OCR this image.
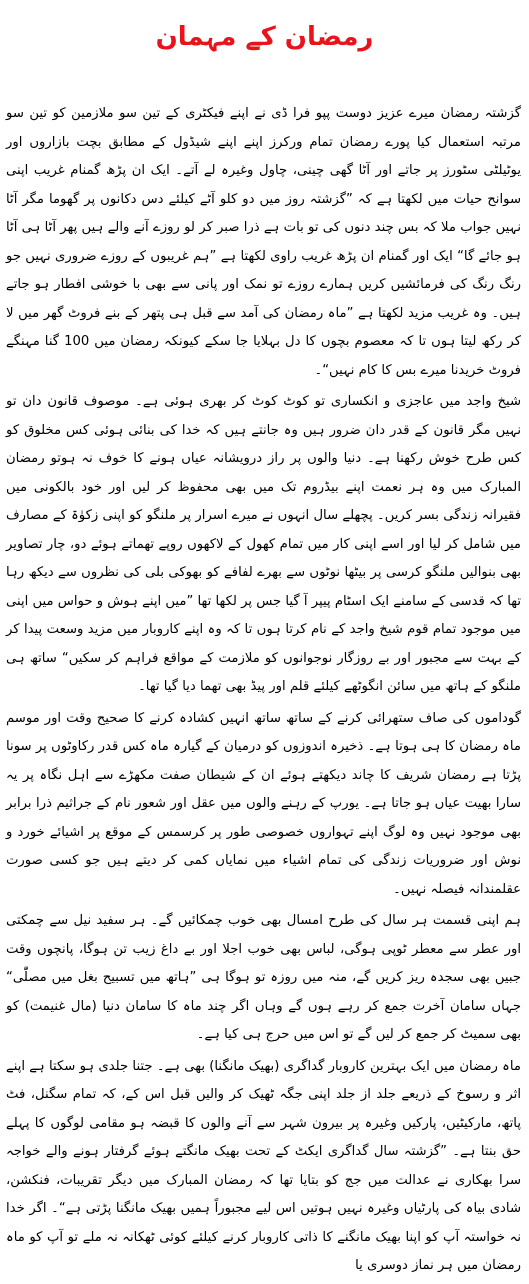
رمضان کے مہمان

گزشتہ رمضان میرے عزیز دوست پپو فرا ڈی نے اپنے فیکٹری کے تین سو ملازمین کو تین سو مرتبہ استعمال کیا پورے رمضان تمام ورکرز اپنے اپنے شیڈول کے مطابق بچت بازاروں اور یوٹیلٹی سٹورز پر جاتے اور آٹا گھی چینی، چاول وغیرہ لے آتے۔ ایک ان پڑھ گمنام غریب اپنی سوانح حیات میں لکھتا ہے کہ ”گزشتہ روز میں دو کلو آٹے کیلئے دس دکانوں پر گھوما مگر آٹا نہیں جواب ملا کہ بس چند دنوں کی تو بات ہے ذرا صبر کر لو روزے آنے والے ہیں پھر آٹا ہی آٹا ہو جائے گا“ ایک اور گمنام ان پڑھ غریب راوی لکھتا ہے ”ہم غریبوں کے روزے ضروری نہیں جو رنگ رنگ کی فرمائشیں کریں ہمارے روزے تو نمک اور پانی سے بھی با خوشی افطار ہو جاتے ہیں۔ وہ غریب مزید لکھتا ہے ”ماہ رمضان کی آمد سے قبل ہی پتھر کے بنے فروٹ گھر میں لا کر رکھ لیتا ہوں تا کہ معصوم بچوں کا دل بہلایا جا سکے کیونکہ رمضان میں 100 گنا مہنگے فروٹ خریدنا میرے بس کا کام نہیں“۔

شیخ واجد میں عاجزی و انکساری تو کوٹ کوٹ کر بھری ہوئی ہے۔ موصوف قانون دان تو نہیں مگر قانون کے قدر دان ضرور ہیں وہ جانتے ہیں کہ خدا کی بنائی ہوئی کس مخلوق کو کس طرح خوش رکھنا ہے۔ دنیا والوں پر راز درویشانہ عیاں ہونے کا خوف نہ ہوتو رمضان المبارک میں وہ ہر نعمت اپنے بیڈروم تک میں بھی محفوظ کر لیں اور خود بالکونی میں فقیرانہ زندگی بسر کریں۔ پچھلے سال انہوں نے میرے اسرار پر ملنگو کو اپنی زکوٰۃ کے مصارف میں شامل کر لیا اور اسے اپنی کار میں تمام کھول کے لاکھوں روپے تھماتے ہوئے دو، چار تصاویر بھی بنوالیں ملنگو کرسی پر بیٹھا نوٹوں سے بھرے لفافے کو بھوکی بلی کی نظروں سے دیکھ رہا تھا کہ قدسی کے سامنے ایک اسٹام پیپر آ گیا جس پر لکھا تھا ”میں اپنے ہوش و حواس میں اپنی میں موجود تمام قوم شیخ واجد کے نام کرتا ہوں تا کہ وہ اپنے کاروبار میں مزید وسعت پیدا کر کے بہت سے مجبور اور بے روزگار نوجوانوں کو ملازمت کے مواقع فراہم کر سکیں“ ساتھ ہی ملنگو کے ہاتھ میں سائن انگوٹھے کیلئے قلم اور پیڈ بھی تھما دیا گیا تھا۔

گوداموں کی صاف ستھرائی کرنے کے ساتھ ساتھ انہیں کشادہ کرنے کا صحیح وقت اور موسم ماہ رمضان کا ہی ہوتا ہے۔ ذخیرہ اندوزوں کو درمیان کے گیارہ ماہ کس قدر رکاوٹوں پر سونا پڑتا ہے رمضان شریف کا چاند دیکھتے ہوئے ان کے شیطان صفت مکھڑے سے اہل نگاہ پر یہ سارا بھیت عیاں ہو جاتا ہے۔ یورپ کے رہنے والوں میں عقل اور شعور نام کے جراثیم ذرا برابر بھی موجود نہیں وہ لوگ اپنے تہواروں خصوصی طور پر کرسمس کے موقع پر اشیائے خورد و نوش اور ضروریات زندگی کی تمام اشیاء میں نمایاں کمی کر دیتے ہیں جو کسی صورت عقلمندانہ فیصلہ نہیں۔

ہم اپنی قسمت ہر سال کی طرح امسال بھی خوب چمکائیں گے۔ ہر سفید نیل سے چمکتی اور عطر سے معطر ٹوپی ہوگی، لباس بھی خوب اجلا اور بے داغ زیب تن ہوگا، پانچوں وقت جبیں بھی سجدہ ریز کریں گے، منہ میں روزہ تو ہوگا ہی ”ہاتھ میں تسبیح بغل میں مصلّٰی“ جہاں سامان آخرت جمع کر رہے ہوں گے وہاں اگر چند ماہ کا سامان دنیا (مال غنیمت) کو بھی سمیٹ کر جمع کر لیں گے تو اس میں حرج ہی کیا ہے۔

ماہ رمضان میں ایک بہترین کاروبار گداگری (بھیک مانگنا) بھی ہے۔ جتنا جلدی ہو سکتا ہے اپنے اثر و رسوخ کے ذریعے جلد از جلد اپنی جگہ ٹھیک کر والیں قبل اس کے، کہ تمام سگنل، فٹ پاتھ، مارکیٹیں، پارکیں وغیرہ پر بیرون شہر سے آنے والوں کا قبضہ ہو مقامی لوگوں کا پہلے حق بنتا ہے۔ ”گزشتہ سال گداگری ایکٹ کے تحت بھیک مانگتے ہوئے گرفتار ہونے والے خواجہ سرا بھکاری نے عدالت میں جج کو بتایا تھا کہ رمضان المبارک میں دیگر تقریبات، فنکشن، شادی بیاہ کی پارٹیاں وغیرہ نہیں ہوتیں اس لیے مجبوراً ہمیں بھیک مانگنا پڑتی ہے“۔ اگر خدا نہ خواستہ آپ کو اپنا بھیک مانگنے کا ذاتی کاروبار کرنے کیلئے کوئی ٹھکانہ نہ ملے تو آپ کو ماہ رمضان میں ہر نماز دوسری یا
